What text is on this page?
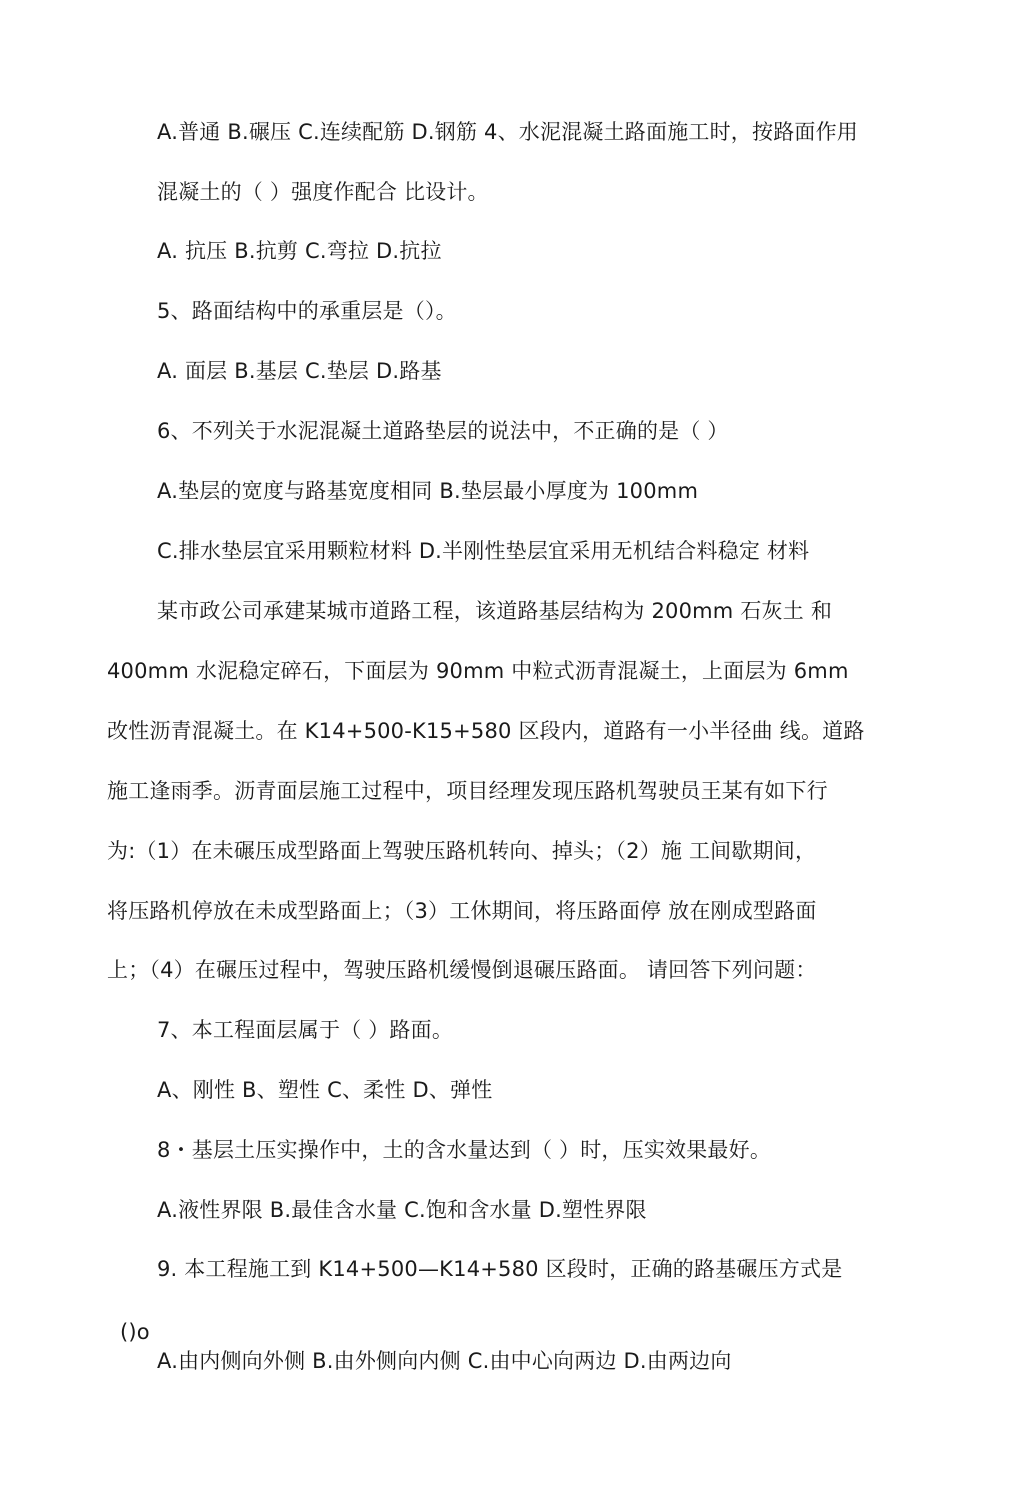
A.普通 B.碾压 C.连续配筋 D.钢筋 4、水泥混凝土路面施工时，按路面作用
混凝土的（ ）强度作配合 比设计。
A. 抗压 B.抗剪 C.弯拉 D.抗拉
5、路面结构中的承重层是（）。
A. 面层 B.基层 C.垫层 D.路基
6、不列关于水泥混凝土道路垫层的说法中，不正确的是（ ）
A.垫层的宽度与路基宽度相同 B.垫层最小厚度为 100mm
C.排水垫层宜采用颗粒材料 D.半刚性垫层宜采用无机结合料稳定 材料
某市政公司承建某城市道路工程，该道路基层结构为 200mm 石灰土 和
400mm 水泥稳定碎石，下面层为 90mm 中粒式沥青混凝土，上面层为 6mm
改性沥青混凝土。在 K14+500-K15+580 区段内，道路有一小半径曲 线。道路
施工逢雨季。沥青面层施工过程中，项目经理发现压路机驾驶员王某有如下行
为:（1）在未碾压成型路面上驾驶压路机转向、掉头；（2）施 工间歇期间，
将压路机停放在未成型路面上；（3）工休期间，将压路面停 放在刚成型路面
上；（4）在碾压过程中，驾驶压路机缓慢倒退碾压路面。 请回答下列问题：
7、本工程面层属于（ ）路面。
A、刚性 B、塑性 C、柔性 D、弹性
8・基层土压实操作中，土的含水量达到（ ）时，压实效果最好。
A.液性界限 B.最佳含水量 C.饱和含水量 D.塑性界限
9. 本工程施工到 K14+500—K14+580 区段时，正确的路基碾压方式是
()o
A.由内侧向外侧 B.由外侧向内侧 C.由中心向两边 D.由两边向
